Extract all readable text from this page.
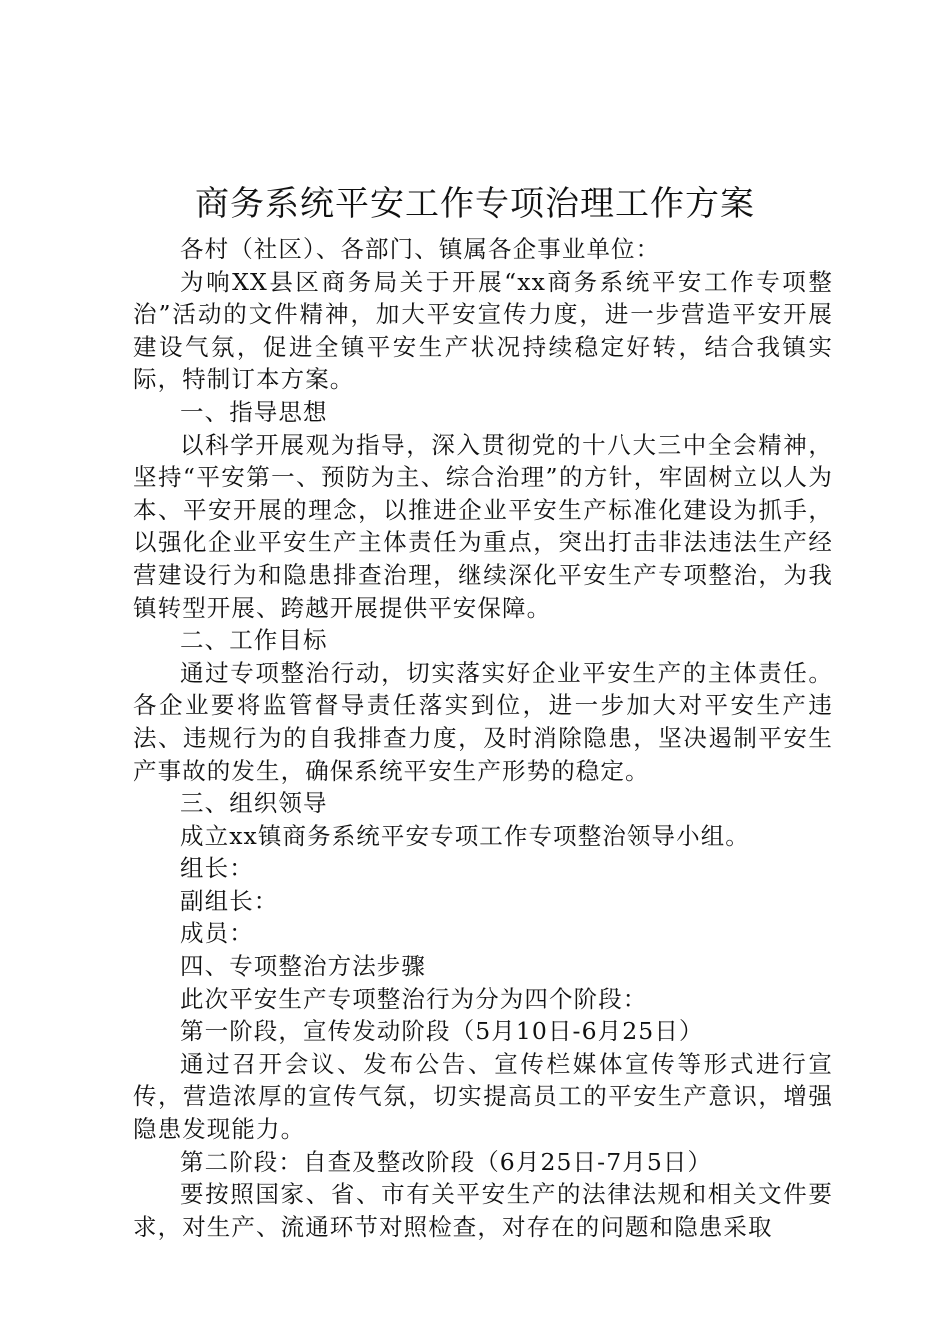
商务系统平安工作专项治理工作方案

各村（社区）、各部门、镇属各企事业单位：

为响XX县区商务局关于开展“xx商务系统平安工作专项整治”活动的文件精神，加大平安宣传力度，进一步营造平安开展建设气氛，促进全镇平安生产状况持续稳定好转，结合我镇实际，特制订本方案。

一、指导思想

以科学开展观为指导，深入贯彻党的十八大三中全会精神，坚持“平安第一、预防为主、综合治理”的方针，牢固树立以人为本、平安开展的理念，以推进企业平安生产标准化建设为抓手，以强化企业平安生产主体责任为重点，突出打击非法违法生产经营建设行为和隐患排查治理，继续深化平安生产专项整治，为我镇转型开展、跨越开展提供平安保障。

二、工作目标

通过专项整治行动，切实落实好企业平安生产的主体责任。各企业要将监管督导责任落实到位，进一步加大对平安生产违法、违规行为的自我排查力度，及时消除隐患，坚决遏制平安生产事故的发生，确保系统平安生产形势的稳定。

三、组织领导

成立xx镇商务系统平安专项工作专项整治领导小组。

组长：

副组长：

成员：

四、专项整治方法步骤

此次平安生产专项整治行为分为四个阶段：

第一阶段，宣传发动阶段（5月10日-6月25日）

通过召开会议、发布公告、宣传栏媒体宣传等形式进行宣传，营造浓厚的宣传气氛，切实提高员工的平安生产意识，增强隐患发现能力。

第二阶段：自查及整改阶段（6月25日-7月5日）

要按照国家、省、市有关平安生产的法律法规和相关文件要求，对生产、流通环节对照检查，对存在的问题和隐患采取
